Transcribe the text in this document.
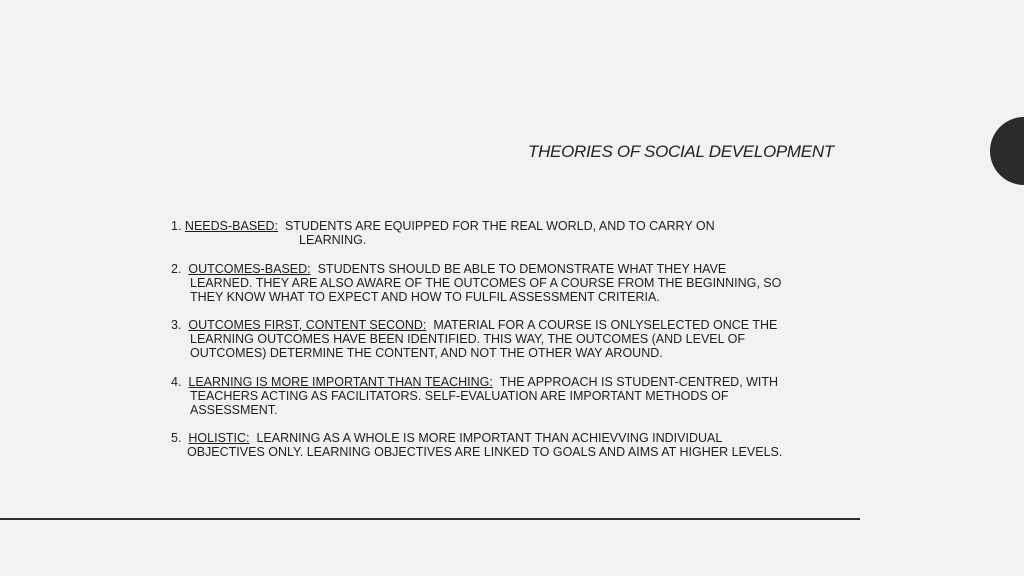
THEORIES OF SOCIAL DEVELOPMENT
1. NEEDS-BASED: STUDENTS ARE EQUIPPED FOR THE REAL WORLD, AND TO CARRY ON
LEARNING.
2. OUTCOMES-BASED: STUDENTS SHOULD BE ABLE TO DEMONSTRATE WHAT THEY HAVE
LEARNED. THEY ARE ALSO AWARE OF THE OUTCOMES OF A COURSE FROM THE BEGINNING, SO
THEY KNOW WHAT TO EXPECT AND HOW TO FULFIL ASSESSMENT CRITERIA.
3. OUTCOMES FIRST, CONTENT SECOND: MATERIAL FOR A COURSE IS ONLYSELECTED ONCE THE
LEARNING OUTCOMES HAVE BEEN IDENTIFIED. THIS WAY, THE OUTCOMES (AND LEVEL OF
OUTCOMES) DETERMINE THE CONTENT, AND NOT THE OTHER WAY AROUND.
4. LEARNING IS MORE IMPORTANT THAN TEACHING: THE APPROACH IS STUDENT-CENTRED, WITH
TEACHERS ACTING AS FACILITATORS. SELF-EVALUATION ARE IMPORTANT METHODS OF
ASSESSMENT.
5. HOLISTIC: LEARNING AS A WHOLE IS MORE IMPORTANT THAN ACHIEVVING INDIVIDUAL
OBJECTIVES ONLY. LEARNING OBJECTIVES ARE LINKED TO GOALS AND AIMS AT HIGHER LEVELS.
